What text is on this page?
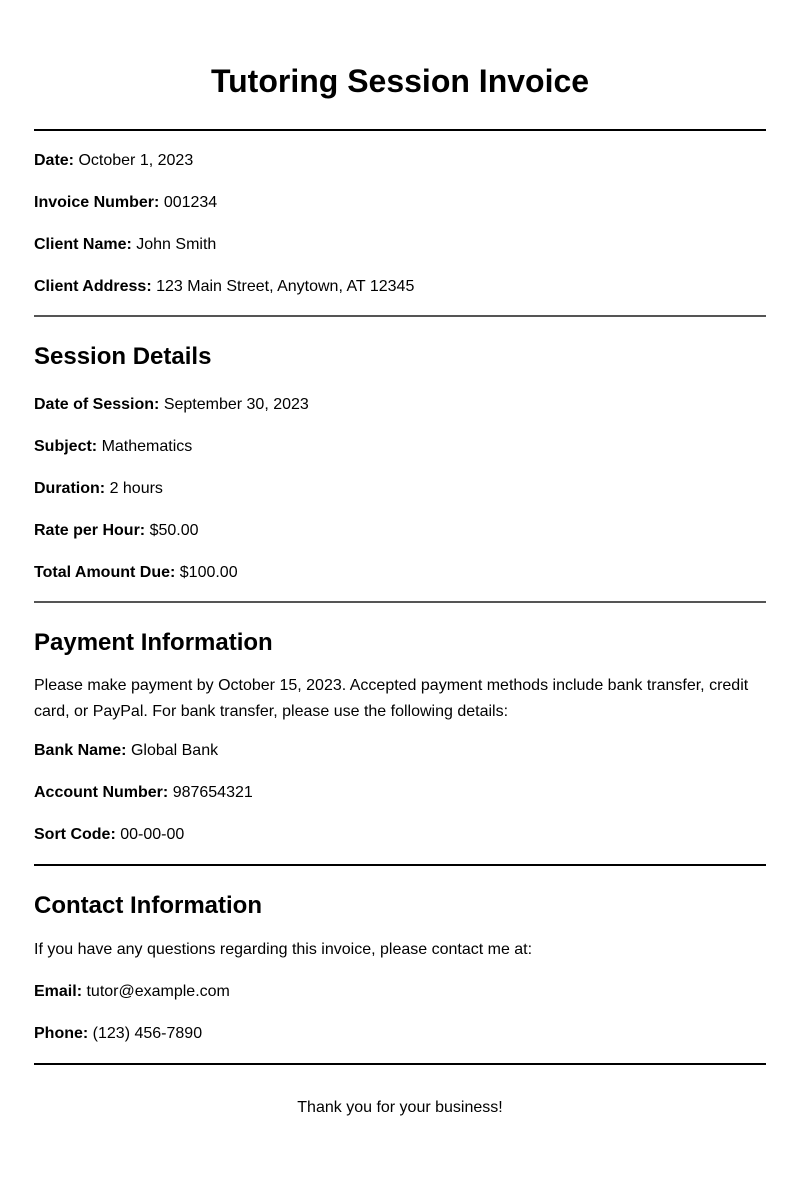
Tutoring Session Invoice

Date: October 1, 2023

Invoice Number: 001234

Client Name: John Smith

Client Address: 123 Main Street, Anytown, AT 12345

Session Details

Date of Session: September 30, 2023

Subject: Mathematics

Duration: 2 hours

Rate per Hour: $50.00

Total Amount Due: $100.00

Payment Information

Please make payment by October 15, 2023. Accepted payment methods include bank transfer, credit card, or PayPal. For bank transfer, please use the following details:

Bank Name: Global Bank

Account Number: 987654321

Sort Code: 00-00-00

Contact Information

If you have any questions regarding this invoice, please contact me at:

Email: tutor@example.com

Phone: (123) 456-7890

Thank you for your business!
